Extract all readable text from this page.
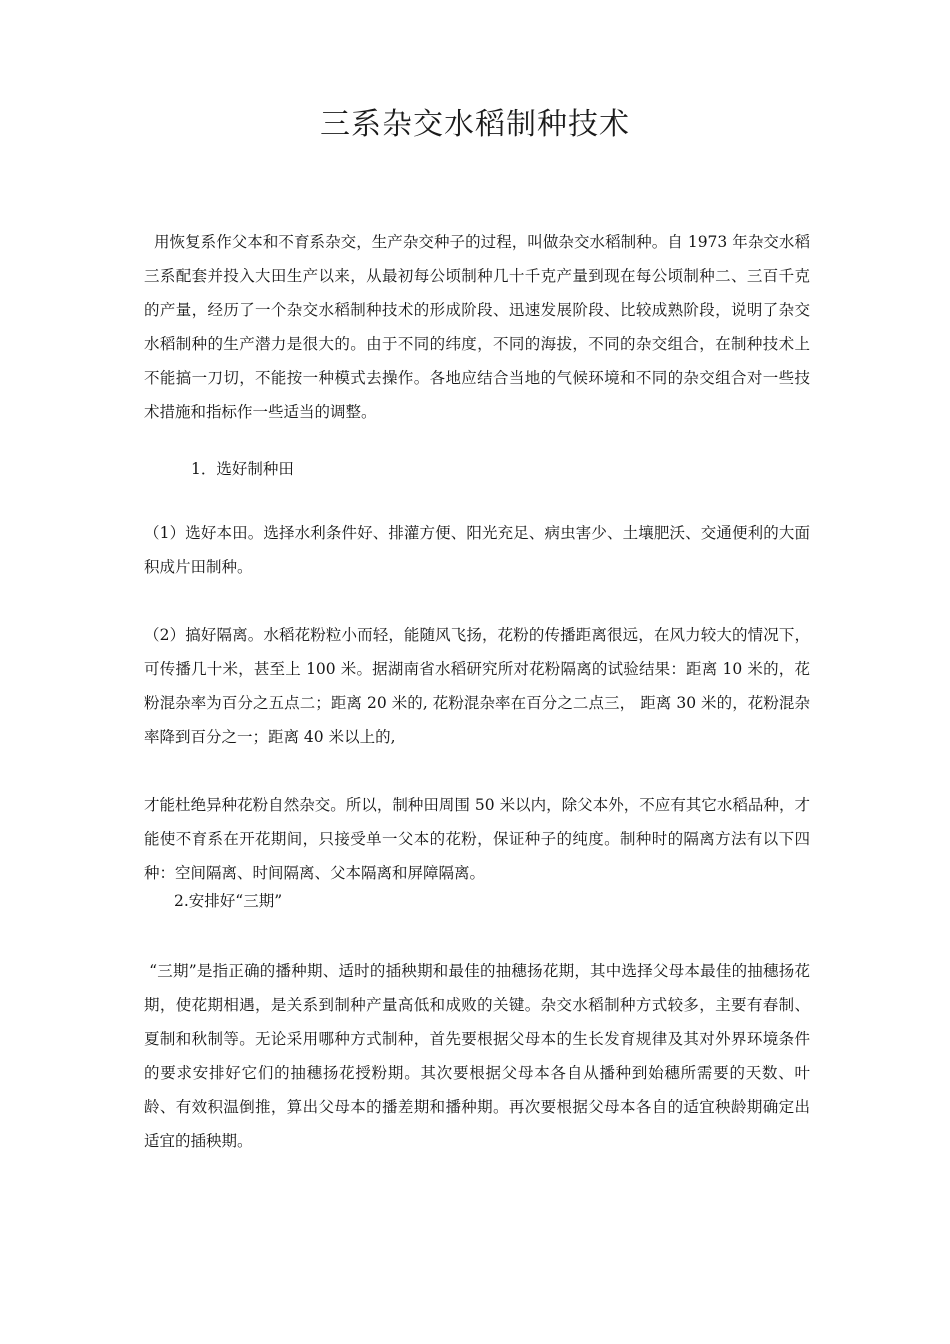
三系杂交水稻制种技术

用恢复系作父本和不育系杂交，生产杂交种子的过程，叫做杂交水稻制种。自 1973 年杂交水稻三系配套并投入大田生产以来，从最初每公顷制种几十千克产量到现在每公顷制种二、三百千克的产量，经历了一个杂交水稻制种技术的形成阶段、迅速发展阶段、比较成熟阶段，说明了杂交水稻制种的生产潜力是很大的。由于不同的纬度，不同的海拔，不同的杂交组合，在制种技术上不能搞一刀切，不能按一种模式去操作。各地应结合当地的气候环境和不同的杂交组合对一些技术措施和指标作一些适当的调整。

1．选好制种田

（1）选好本田。选择水利条件好、排灌方便、阳光充足、病虫害少、土壤肥沃、交通便利的大面积成片田制种。

（2）搞好隔离。水稻花粉粒小而轻，能随风飞扬，花粉的传播距离很远，在风力较大的情况下，可传播几十米，甚至上 100 米。据湖南省水稻研究所对花粉隔离的试验结果：距离 10 米的，花粉混杂率为百分之五点二；距离 20 米的, 花粉混杂率在百分之二点三， 距离 30 米的，花粉混杂率降到百分之一；距离 40 米以上的,

才能杜绝异种花粉自然杂交。所以，制种田周围 50 米以内，除父本外，不应有其它水稻品种，才能使不育系在开花期间，只接受单一父本的花粉，保证种子的纯度。制种时的隔离方法有以下四种：空间隔离、时间隔离、父本隔离和屏障隔离。

2.安排好“三期”

“三期”是指正确的播种期、适时的插秧期和最佳的抽穗扬花期，其中选择父母本最佳的抽穗扬花期，使花期相遇，是关系到制种产量高低和成败的关键。杂交水稻制种方式较多，主要有春制、夏制和秋制等。无论采用哪种方式制种，首先要根据父母本的生长发育规律及其对外界环境条件的要求安排好它们的抽穗扬花授粉期。其次要根据父母本各自从播种到始穗所需要的天数、叶龄、有效积温倒推，算出父母本的播差期和播种期。再次要根据父母本各自的适宜秧龄期确定出适宜的插秧期。
